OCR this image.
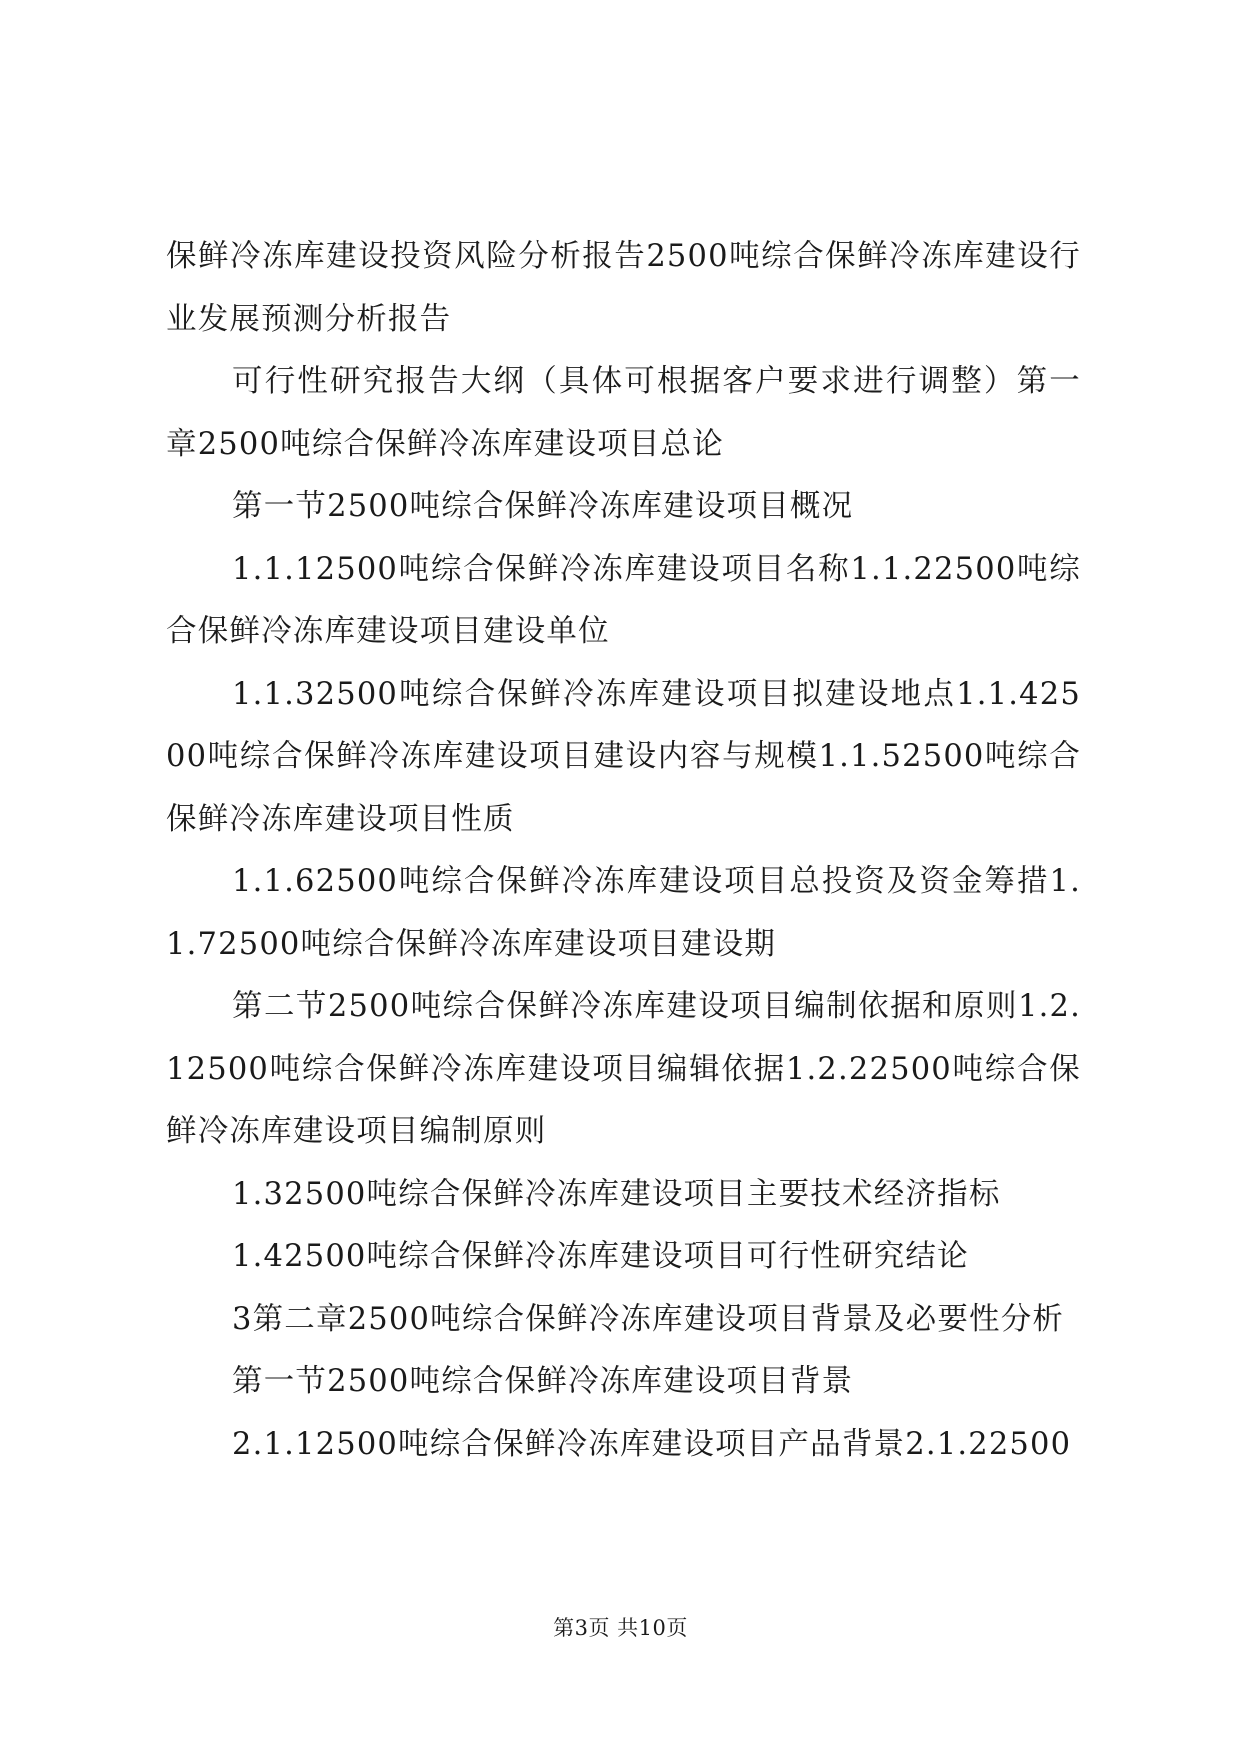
保鲜冷冻库建设投资风险分析报告2500吨综合保鲜冷冻库建设行业发展预测分析报告

可行性研究报告大纲（具体可根据客户要求进行调整）第一章2500吨综合保鲜冷冻库建设项目总论

第一节2500吨综合保鲜冷冻库建设项目概况

1.1.12500吨综合保鲜冷冻库建设项目名称1.1.22500吨综合保鲜冷冻库建设项目建设单位

1.1.32500吨综合保鲜冷冻库建设项目拟建设地点1.1.42500吨综合保鲜冷冻库建设项目建设内容与规模1.1.52500吨综合保鲜冷冻库建设项目性质

1.1.62500吨综合保鲜冷冻库建设项目总投资及资金筹措1.1.72500吨综合保鲜冷冻库建设项目建设期

第二节2500吨综合保鲜冷冻库建设项目编制依据和原则1.2.12500吨综合保鲜冷冻库建设项目编辑依据1.2.22500吨综合保鲜冷冻库建设项目编制原则

1.32500吨综合保鲜冷冻库建设项目主要技术经济指标

1.42500吨综合保鲜冷冻库建设项目可行性研究结论

3第二章2500吨综合保鲜冷冻库建设项目背景及必要性分析

第一节2500吨综合保鲜冷冻库建设项目背景

2.1.12500吨综合保鲜冷冻库建设项目产品背景2.1.22500

第3页 共10页
